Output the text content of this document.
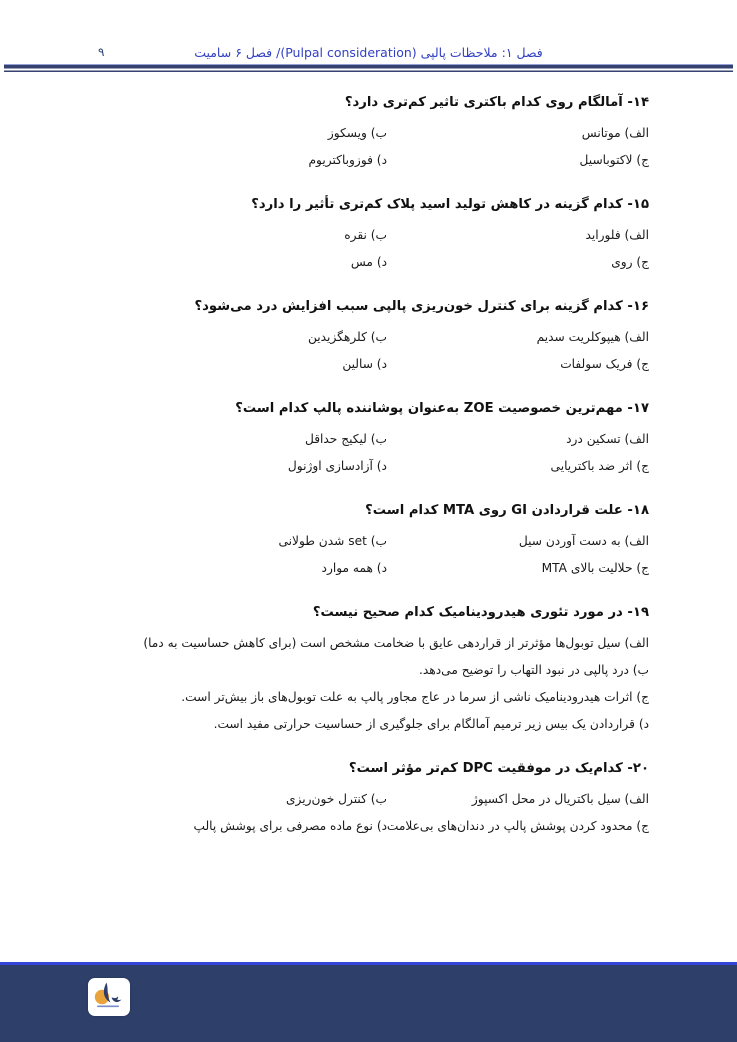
فصل ۱: ملاحظات پالپی (Pulpal consideration)/ فصل ۶ سامیت
۹
۱۴- آمالگام روی کدام باکتری تاثیر کم‌تری دارد؟
الف) موتانس
ب) ویسکوز
ج) لاکتوباسیل
د) فوزوباکتریوم
۱۵- کدام گزینه در کاهش تولید اسید پلاک کم‌تری تأثیر را دارد؟
الف) فلوراید
ب) نقره
ج) روی
د) مس
۱۶- کدام گزینه برای کنترل خون‌ریزی پالپی سبب افزایش درد می‌شود؟
الف) هیپوکلریت سدیم
ب) کلرهگزیدین
ج) فریک سولفات
د) سالین
۱۷- مهم‌ترین خصوصیت ZOE به‌عنوان پوشاننده پالپ کدام است؟
الف) تسکین درد
ب) لیکیج حداقل
ج) اثر ضد باکتریایی
د) آزادسازی اوژنول
۱۸- علت قراردادن GI روی MTA کدام است؟
الف) به دست آوردن سیل
ب) set شدن طولانی
ج) حلالیت بالای MTA
د) همه موارد
۱۹- در مورد تئوری هیدرودینامیک کدام صحیح نیست؟
الف) سیل توبول‌ها مؤثرتر از قراردهی عایق با ضخامت مشخص است (برای کاهش حساسیت به دما)
ب) درد پالپی در نبود التهاب را توضیح می‌دهد.
ج) اثرات هیدرودینامیک ناشی از سرما در عاج مجاور پالپ به علت توبول‌های باز بیش‌تر است.
د) قراردادن یک بیس زیر ترمیم آمالگام برای جلوگیری از حساسیت حرارتی مفید است.
۲۰- کدام‌یک در موفقیت DPC کم‌تر مؤثر است؟
الف) سیل باکتریال در محل اکسپوژ
ب) کنترل خون‌ریزی
ج) محدود کردن پوشش پالپ در دندان‌های بی‌علامت
د) نوع ماده مصرفی برای پوشش پالپ
